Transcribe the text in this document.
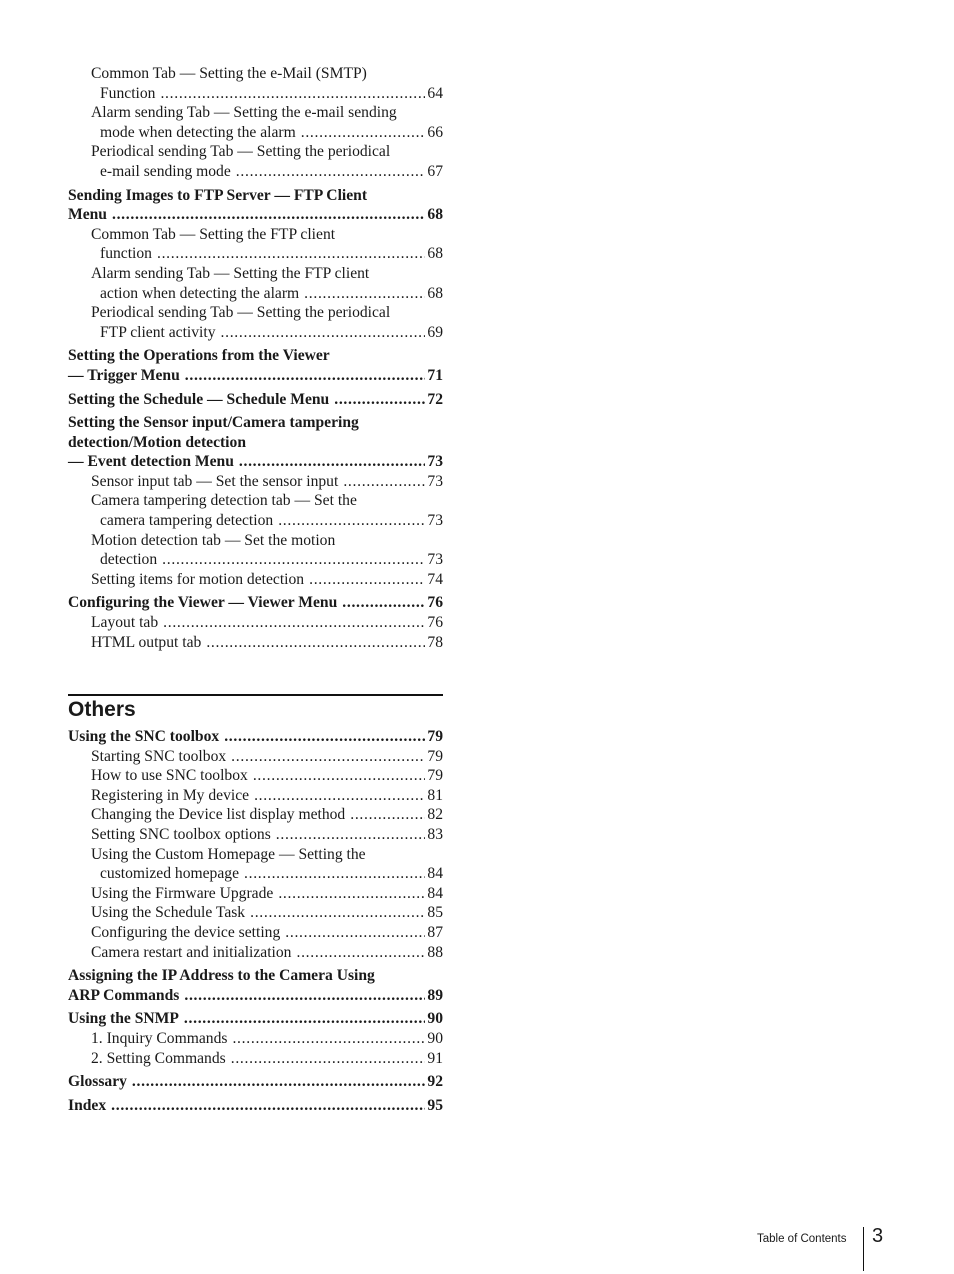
Common Tab — Setting the e-Mail (SMTP)
Function . . .	64
Alarm sending Tab — Setting the e-mail sending
mode when detecting the alarm . . .	66
Periodical sending Tab — Setting the periodical
e-mail sending mode . . .	67
Sending Images to FTP Server — FTP Client
Menu . . .	68
Common Tab — Setting the FTP client
function . . .	68
Alarm sending Tab — Setting the FTP client
action when detecting the alarm . . .	68
Periodical sending Tab — Setting the periodical
FTP client activity . . .	69
Setting the Operations from the Viewer
— Trigger Menu . . .	71
Setting the Schedule — Schedule Menu . . .	72
Setting the Sensor input/Camera tampering
detection/Motion detection
— Event detection Menu . . .	73
Sensor input tab — Set the sensor input . . .	73
Camera tampering detection tab — Set the
camera tampering detection . . .	73
Motion detection tab — Set the motion
detection . . .	73
Setting items for motion detection . . .	74
Configuring the Viewer — Viewer Menu . . .	76
Layout tab . . .	76
HTML output tab . . .	78
Others
Using the SNC toolbox . . .	79
Starting SNC toolbox . . .	79
How to use SNC toolbox . . .	79
Registering in My device . . .	81
Changing the Device list display method . . .	82
Setting SNC toolbox options . . .	83
Using the Custom Homepage — Setting the
customized homepage . . .	84
Using the Firmware Upgrade . . .	84
Using the Schedule Task . . .	85
Configuring the device setting . . .	87
Camera restart and initialization . . .	88
Assigning the IP Address to the Camera Using
ARP Commands . . .	89
Using the SNMP . . .	90
1. Inquiry Commands . . .	90
2. Setting Commands . . .	91
Glossary . . .	92
Index . . .	95
Table of Contents 3
